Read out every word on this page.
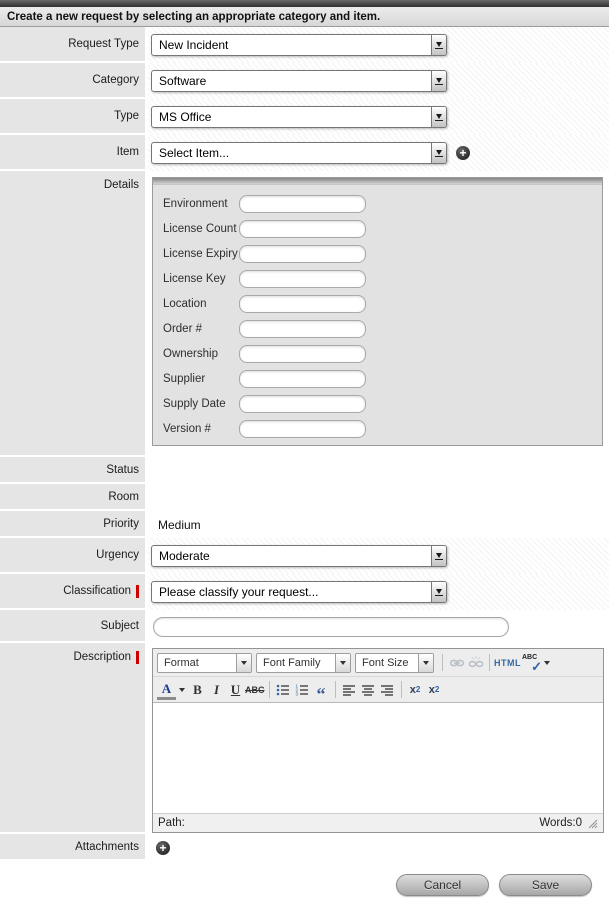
Create a new request by selecting an appropriate category and item.
Request Type	New Incident
Category	Software
Type	MS Office
Item	Select Item...	+
Details
Environment
License Count
License Expiry
License Key
Location
Order #
Ownership
Supplier
Supply Date
Version #
Status
Room
Priority	Medium
Urgency	Moderate
Classification	Please classify your request...
Subject
Description	Format	Font Family	Font Size	HTML
ABC
✓
A	B I U ABC	1
2
3 “	x 2 x 2
Path:	Words:0
Attachments +
Cancel	Save
